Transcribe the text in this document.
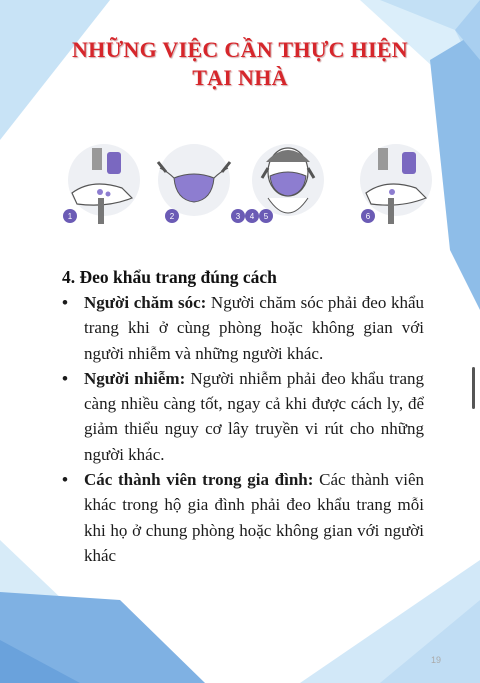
NHỮNG VIỆC CẦN THỰC HIỆN
TẠI NHÀ
1	2	3 4 5	6
4. Đeo khẩu trang đúng cách
• Người chăm sóc: Người chăm sóc phải đeo khẩu trang khi ở cùng phòng hoặc không gian với người nhiễm và những người khác.
• Người nhiễm: Người nhiễm phải đeo khẩu trang càng nhiều càng tốt, ngay cả khi được cách ly, để giảm thiểu nguy cơ lây truyền vi rút cho những người khác.
• Các thành viên trong gia đình: Các thành viên khác trong hộ gia đình phải đeo khẩu trang mỗi khi họ ở chung phòng hoặc không gian với người khác
19
